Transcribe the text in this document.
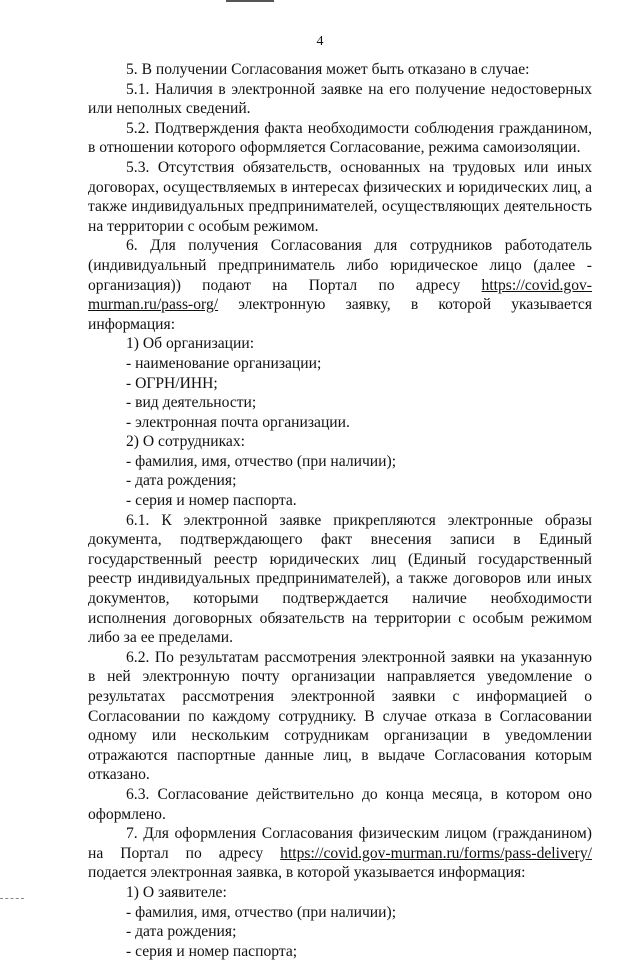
4

5. В получении Согласования может быть отказано в случае:

5.1. Наличия в электронной заявке на его получение недостоверных или неполных сведений.

5.2. Подтверждения факта необходимости соблюдения гражданином, в отношении которого оформляется Согласование, режима самоизоляции.

5.3. Отсутствия обязательств, основанных на трудовых или иных договорах, осуществляемых в интересах физических и юридических лиц, а также индивидуальных предпринимателей, осуществляющих деятельность на территории с особым режимом.

6. Для получения Согласования для сотрудников работодатель (индивидуальный предприниматель либо юридическое лицо (далее - организация)) подают на Портал по адресу https://covid.gov-murman.ru/pass-org/ электронную заявку, в которой указывается информация:

1) Об организации:

- наименование организации;

- ОГРН/ИНН;

- вид деятельности;

- электронная почта организации.

2) О сотрудниках:

- фамилия, имя, отчество (при наличии);

- дата рождения;

- серия и номер паспорта.

6.1. К электронной заявке прикрепляются электронные образы документа, подтверждающего факт внесения записи в Единый государственный реестр юридических лиц (Единый государственный реестр индивидуальных предпринимателей), а также договоров или иных документов, которыми подтверждается наличие необходимости исполнения договорных обязательств на территории с особым режимом либо за ее пределами.

6.2. По результатам рассмотрения электронной заявки на указанную в ней электронную почту организации направляется уведомление о результатах рассмотрения электронной заявки с информацией о Согласовании по каждому сотруднику. В случае отказа в Согласовании одному или нескольким сотрудникам организации в уведомлении отражаются паспортные данные лиц, в выдаче Согласования которым отказано.

6.3. Согласование действительно до конца месяца, в котором оно оформлено.

7. Для оформления Согласования физическим лицом (гражданином) на Портал по адресу https://covid.gov-murman.ru/forms/pass-delivery/ подается электронная заявка, в которой указывается информация:

1) О заявителе:

- фамилия, имя, отчество (при наличии);

- дата рождения;

- серия и номер паспорта;
